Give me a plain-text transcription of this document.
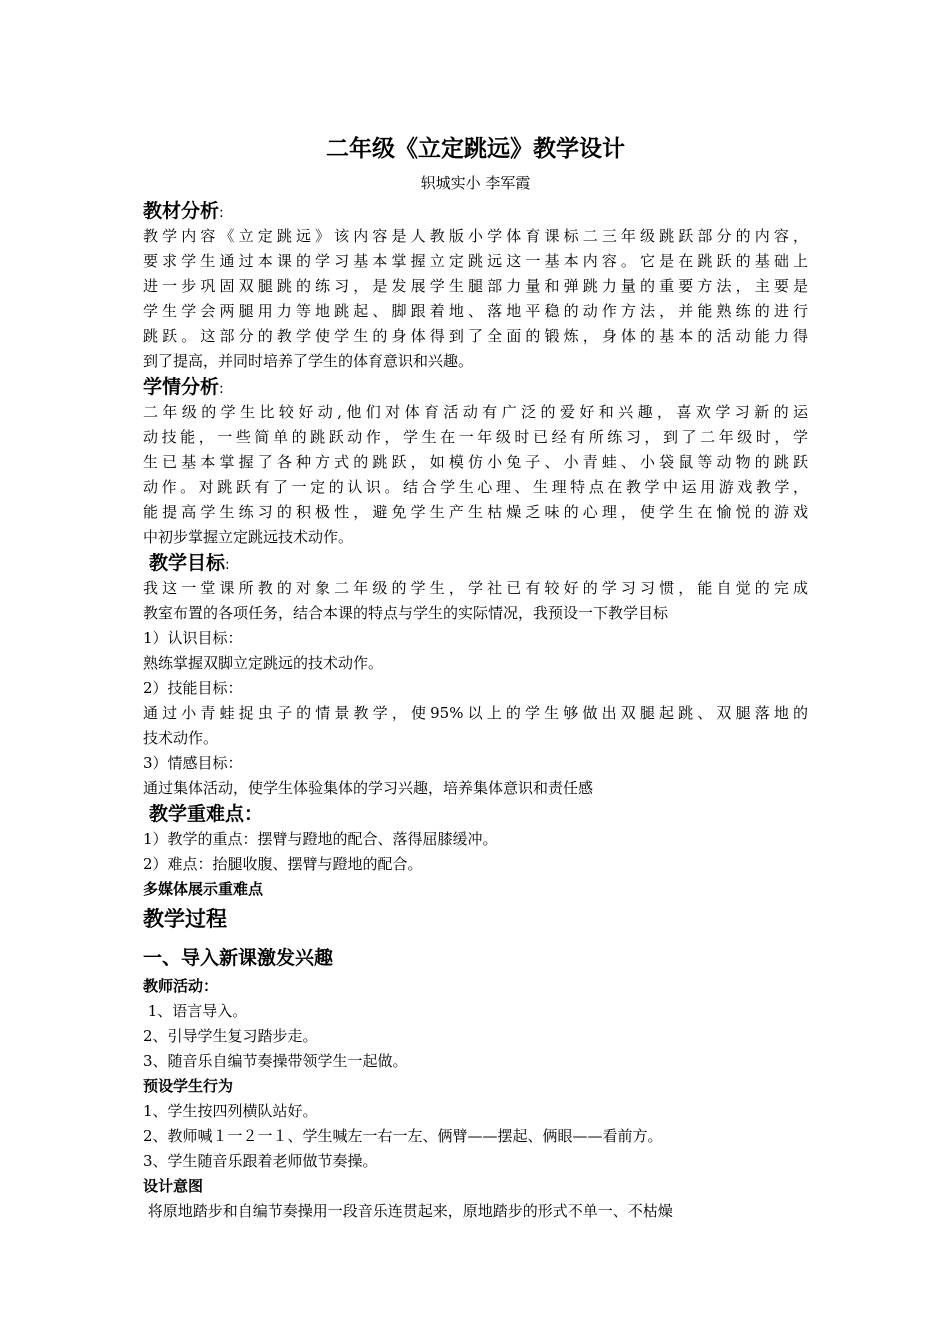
二年级《立定跳远》教学设计
轵城实小 李军霞
教材分析:
教学内容《立定跳远》该内容是人教版小学体育课标二三年级跳跃部分的内容，
要求学生通过本课的学习基本掌握立定跳远这一基本内容。它是在跳跃的基础上
进一步巩固双腿跳的练习，是发展学生腿部力量和弹跳力量的重要方法，主要是
学生学会两腿用力等地跳起、脚跟着地、落地平稳的动作方法，并能熟练的进行
跳跃。这部分的教学使学生的身体得到了全面的锻炼，身体的基本的活动能力得
到了提高，并同时培养了学生的体育意识和兴趣。
学情分析:
二年级的学生比较好动,他们对体育活动有广泛的爱好和兴趣，喜欢学习新的运
动技能，一些简单的跳跃动作，学生在一年级时已经有所练习，到了二年级时，学
生已基本掌握了各种方式的跳跃，如模仿小兔子、小青蛙、小袋鼠等动物的跳跃
动作。对跳跃有了一定的认识。结合学生心理、生理特点在教学中运用游戏教学，
能提高学生练习的积极性，避免学生产生枯燥乏味的心理，使学生在愉悦的游戏
中初步掌握立定跳远技术动作。
教学目标:
我这一堂课所教的对象二年级的学生，学社已有较好的学习习惯，能自觉的完成
教室布置的各项任务，结合本课的特点与学生的实际情况，我预设一下教学目标
1）认识目标：
熟练掌握双脚立定跳远的技术动作。
2）技能目标：
通过小青蛙捉虫子的情景教学，使95%以上的学生够做出双腿起跳、双腿落地的
技术动作。
3）情感目标：
通过集体活动，使学生体验集体的学习兴趣，培养集体意识和责任感
教学重难点：
1）教学的重点：摆臂与蹬地的配合、落得屈膝缓冲。
2）难点：抬腿收腹、摆臂与蹬地的配合。
多媒体展示重难点
教学过程
一、导入新课激发兴趣
教师活动：
1、语言导入。
2、引导学生复习踏步走。
3、随音乐自编节奏操带领学生一起做。
预设学生行为
1、学生按四列横队站好。
2、教师喊１一２一１、学生喊左一右一左、俩臂——摆起、俩眼——看前方。
3、学生随音乐跟着老师做节奏操。
设计意图
将原地踏步和自编节奏操用一段音乐连贯起来，原地踏步的形式不单一、不枯燥
